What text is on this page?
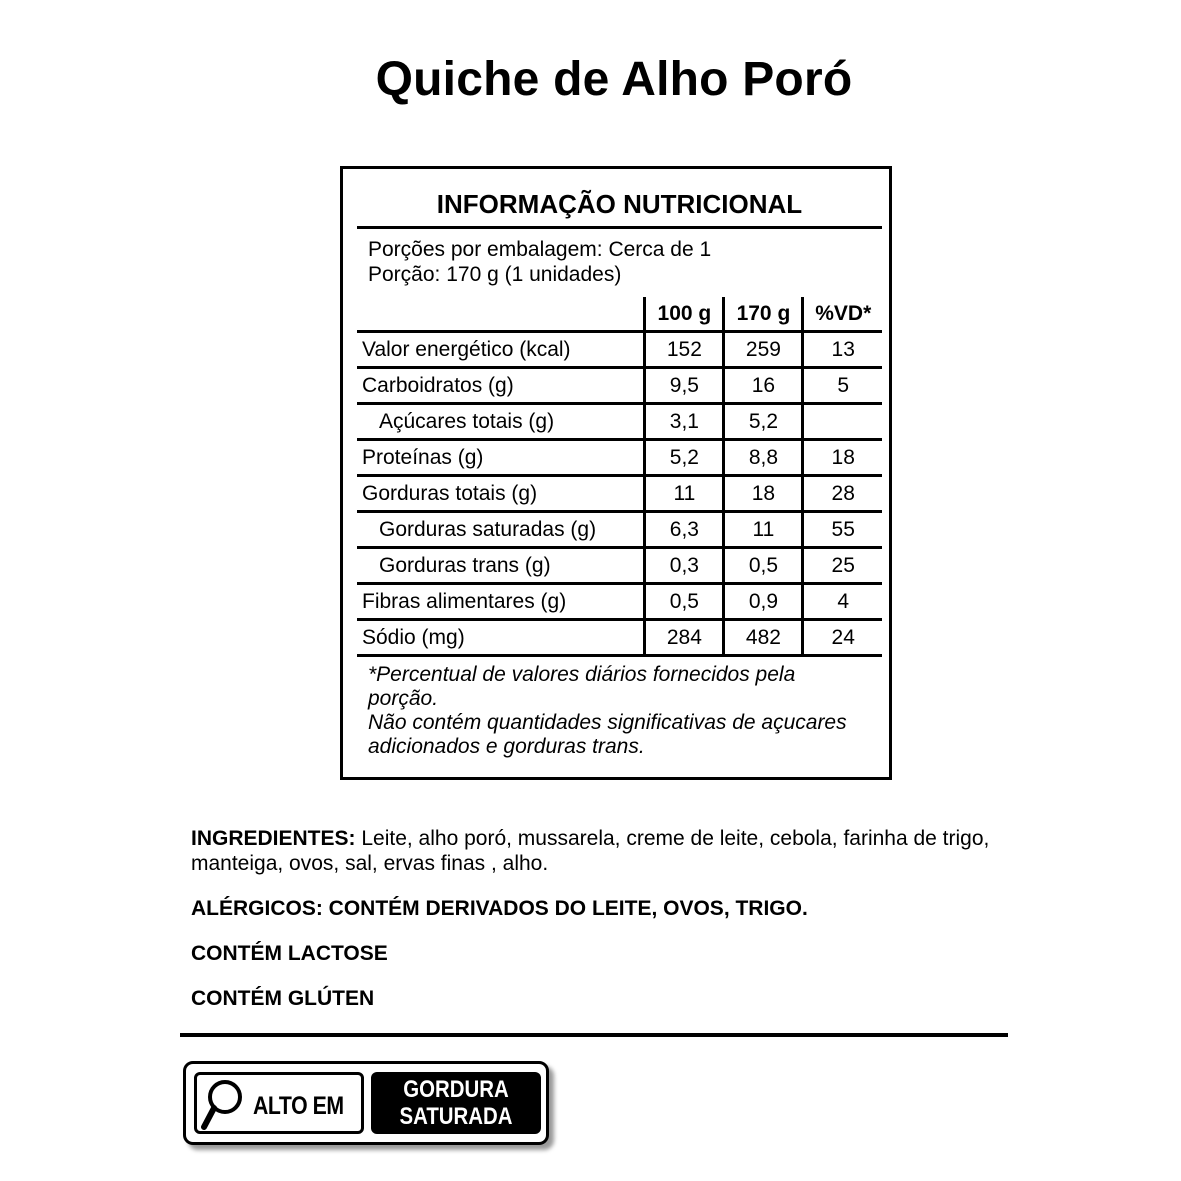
Quiche de Alho Poró
INFORMAÇÃO NUTRICIONAL
Porções por embalagem: Cerca de 1
Porção: 170 g (1 unidades)
	100 g	170 g	%VD*
Valor energético (kcal)	152	259	13
Carboidratos (g)	9,5	16	5
Açúcares totais (g)	3,1	5,2	
Proteínas (g)	5,2	8,8	18
Gorduras totais (g)	11	18	28
Gorduras saturadas (g)	6,3	11	55
Gorduras trans (g)	0,3	0,5	25
Fibras alimentares (g)	0,5	0,9	4
Sódio (mg)	284	482	24
*Percentual de valores diários fornecidos pela porção.
Não contém quantidades significativas de açucares adicionados e gorduras trans.
INGREDIENTES: Leite, alho poró, mussarela, creme de leite, cebola, farinha de trigo, manteiga, ovos, sal, ervas finas , alho.
ALÉRGICOS: CONTÉM DERIVADOS DO LEITE, OVOS, TRIGO.
CONTÉM LACTOSE
CONTÉM GLÚTEN
ALTO EM
GORDURA
SATURADA
